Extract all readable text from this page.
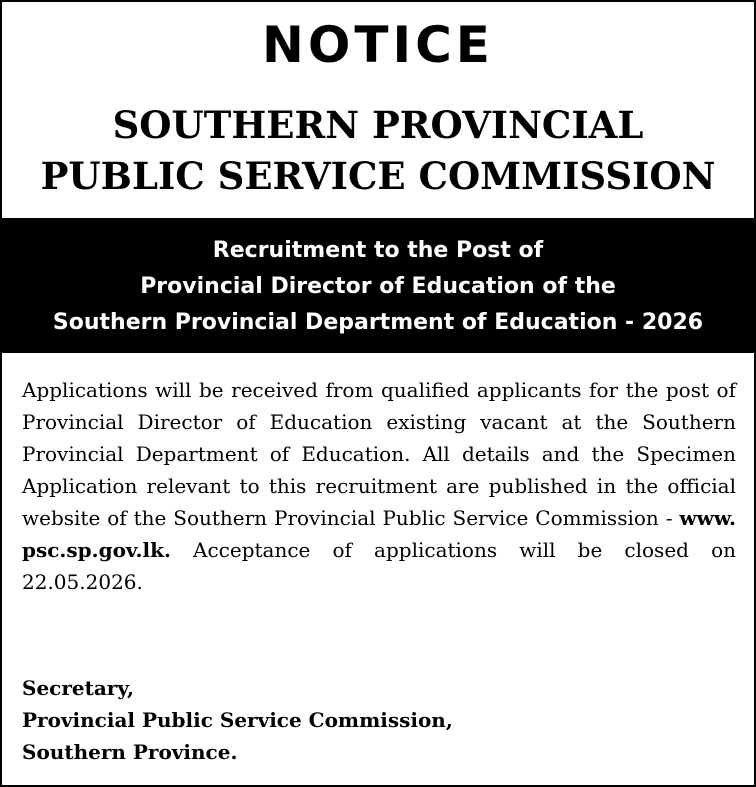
NOTICE
SOUTHERN PROVINCIAL
PUBLIC SERVICE COMMISSION
Recruitment to the Post of
Provincial Director of Education of the
Southern Provincial Department of Education - 2026
Applications will be received from qualified applicants for the post of Provincial Director of Education existing vacant at the Southern Provincial Department of Education. All details and the Specimen Application relevant to this recruitment are published in the official website of the Southern Provincial Public Service Commission - www. psc.sp.gov.lk. Acceptance of applications will be closed on 22.05.2026.
Secretary,
Provincial Public Service Commission,
Southern Province.
